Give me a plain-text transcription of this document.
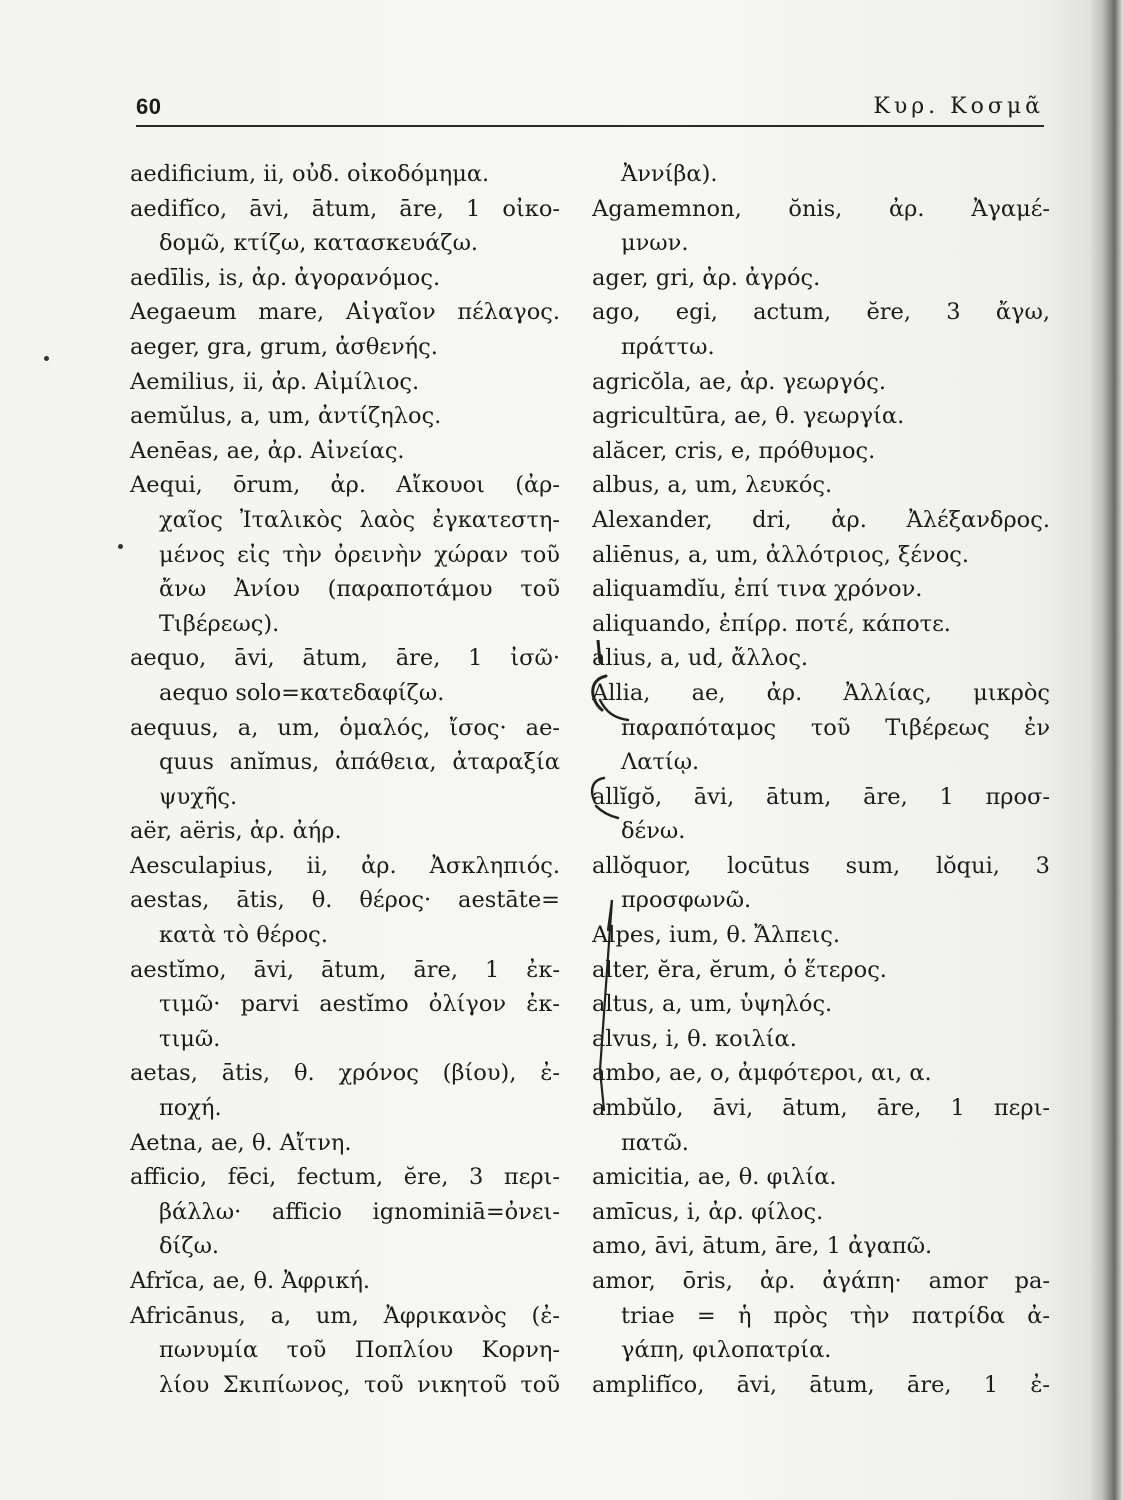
60	Κυρ. Κοσμᾶ
aedificium, ii, οὐδ. οἰκοδόμημα.
aedifĭco, āvi, ātum, āre, 1 οἰκο-
δομῶ, κτίζω, κατασκευάζω.
aedīlis, is, ἀρ. ἀγορανόμος.
Aegaeum mare, Αἰγαῖον πέλαγος.
aeger, gra, grum, ἀσθενής.
Aemilius, ii, ἀρ. Αἰμίλιος.
aemŭlus, a, um, ἀντίζηλος.
Aenēas, ae, ἀρ. Αἰνείας.
Aequi, ōrum, ἀρ. Αἴκουοι (ἀρ-
χαῖος Ἰταλικὸς λαὸς ἐγκατεστη-
μένος εἰς τὴν ὀρεινὴν χώραν τοῦ
ἄνω Ἀνίου (παραποτάμου τοῦ
Τιβέρεως).
aequo, āvi, ātum, āre, 1 ἰσῶ·
aequo solo=κατεδαφίζω.
aequus, a, um, ὁμαλός, ἴσος· ae-
quus anĭmus, ἀπάθεια, ἀταραξία
ψυχῆς.
aër, aëris, ἀρ. ἀήρ.
Aesculapius, ii, ἀρ. Ἀσκληπιός.
aestas, ātis, θ. θέρος· aestāte=
κατὰ τὸ θέρος.
aestĭmo, āvi, ātum, āre, 1 ἐκ-
τιμῶ· parvi aestĭmo ὀλίγον ἐκ-
τιμῶ.
aetas, ātis, θ. χρόνος (βίου), ἐ-
ποχή.
Aetna, ae, θ. Αἴτνη.
afficio, fēci, fectum, ĕre, 3 περι-
βάλλω· afficio ignominiā=ὀνει-
δίζω.
Afrĭca, ae, θ. Ἀφρική.
Africānus, a, um, Ἀφρικανὸς (ἐ-
πωνυμία τοῦ Ποπλίου Κορνη-
λίου Σκιπίωνος, τοῦ νικητοῦ τοῦ
Ἀννίβα).
Agamemnon, ŏnis, ἀρ. Ἀγαμέ-
μνων.
ager, gri, ἀρ. ἀγρός.
ago, egi, actum, ĕre, 3 ἄγω,
πράττω.
agricŏla, ae, ἀρ. γεωργός.
agricultūra, ae, θ. γεωργία.
alăcer, cris, e, πρόθυμος.
albus, a, um, λευκός.
Alexander, dri, ἀρ. Ἀλέξανδρος.
aliēnus, a, um, ἀλλότριος, ξένος.
aliquamdĭu, ἐπί τινα χρόνον.
aliquando, ἐπίρρ. ποτέ, κάποτε.
alius, a, ud, ἄλλος.
Allia, ae, ἀρ. Ἀλλίας, μικρὸς
παραπόταμος τοῦ Τιβέρεως ἐν
Λατίῳ.
allĭgŏ, āvi, ātum, āre, 1 προσ-
δένω.
allŏquor, locūtus sum, lŏqui, 3
προσφωνῶ.
Alpes, ium, θ. Ἄλπεις.
alter, ĕra, ĕrum, ὁ ἕτερος.
altus, a, um, ὑψηλός.
alvus, i, θ. κοιλία.
ambo, ae, o, ἀμφότεροι, αι, α.
ambŭlo, āvi, ātum, āre, 1 περι-
πατῶ.
amicitia, ae, θ. φιλία.
amīcus, i, ἀρ. φίλος.
amo, āvi, ātum, āre, 1 ἀγαπῶ.
amor, ōris, ἀρ. ἀγάπη· amor pa-
triae = ἡ πρὸς τὴν πατρίδα ἀ-
γάπη, φιλοπατρία.
amplifĭco, āvi, ātum, āre, 1 ἐ-
